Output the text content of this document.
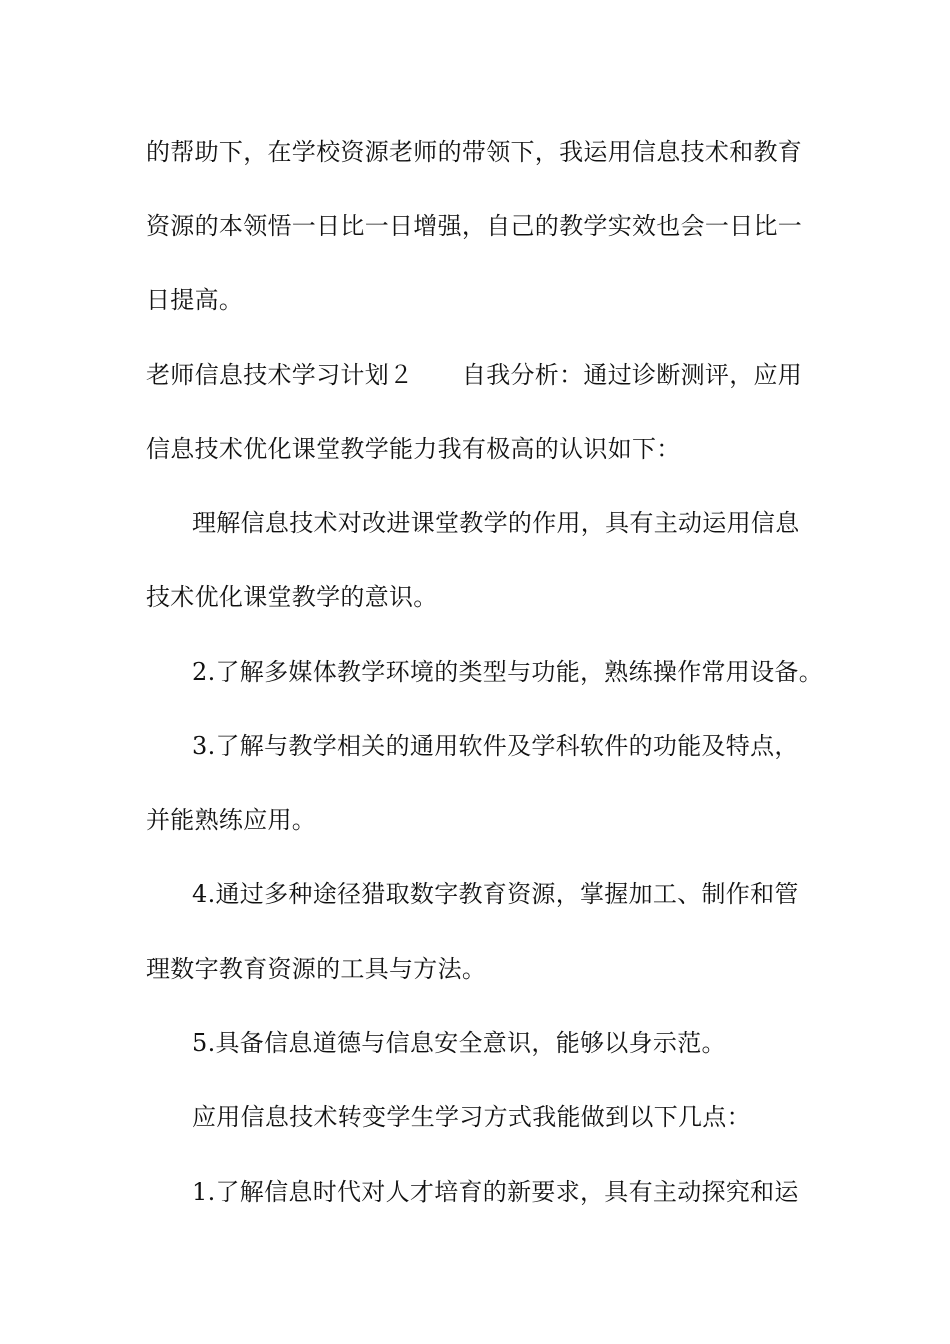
的帮助下，在学校资源老师的带领下，我运用信息技术和教育
资源的本领悟一日比一日增强，自己的教学实效也会一日比一
日提高。
老师信息技术学习计划２　　自我分析：通过诊断测评，应用
信息技术优化课堂教学能力我有极高的认识如下：
理解信息技术对改进课堂教学的作用，具有主动运用信息
技术优化课堂教学的意识。
2.了解多媒体教学环境的类型与功能，熟练操作常用设备。
3.了解与教学相关的通用软件及学科软件的功能及特点，
并能熟练应用。
4.通过多种途径猎取数字教育资源，掌握加工、制作和管
理数字教育资源的工具与方法。
5.具备信息道德与信息安全意识，能够以身示范。
应用信息技术转变学生学习方式我能做到以下几点：
1.了解信息时代对人才培育的新要求，具有主动探究和运
